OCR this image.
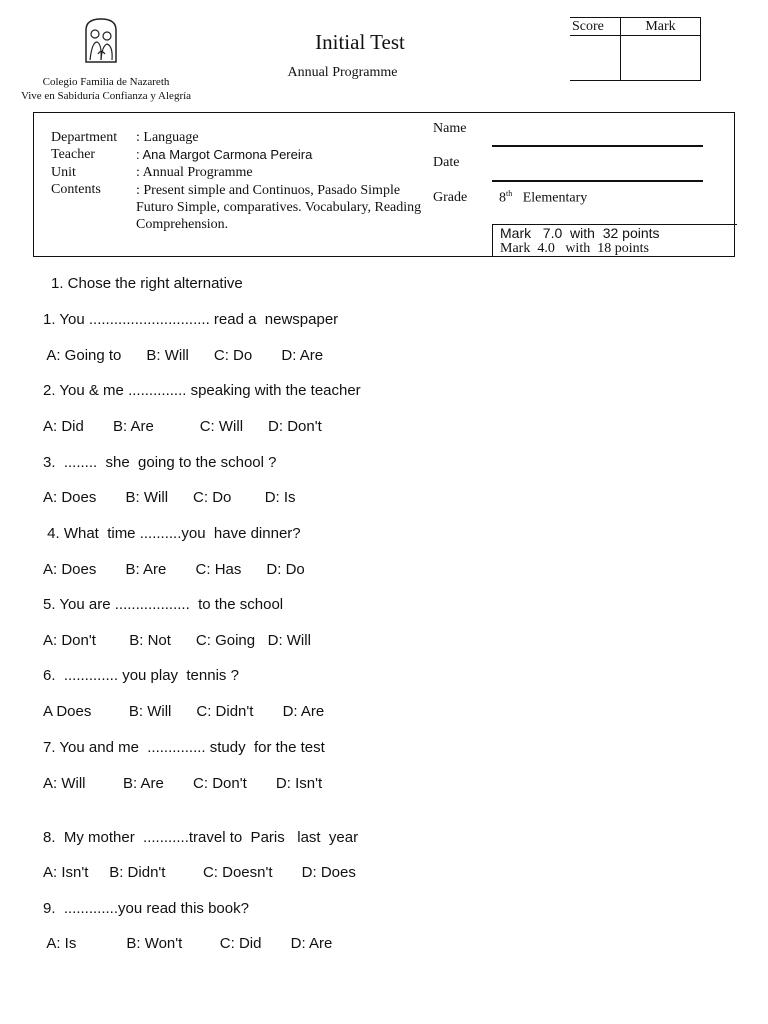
Colegio Familia de Nazareth
Vive en Sabiduría Confianza y Alegría
Initial Test
Annual Programme
Score	Mark
Department	: Language
Teacher	: Ana Margot Carmona Pereira
Unit	: Annual Programme
Contents	: Present simple and Continuos, Pasado Simple Futuro Simple, comparatives. Vocabulary, Reading Comprehension.
Name
Date
Grade 8th Elementary
Mark   7.0  with  32 points
Mark  4.0   with  18 points
1. Chose the right alternative
1. You ............................. read a  newspaper
A: Going to      B: Will      C: Do       D: Are
2. You & me .............. speaking with the teacher
A: Did       B: Are           C: Will      D: Don't
3.  ........  she  going to the school ?
A: Does       B: Will      C: Do        D: Is
4. What  time ..........you  have dinner?
A: Does       B: Are       C: Has      D: Do
5. You are ..................  to the school
A: Don't        B: Not      C: Going   D: Will
6.  ............. you play  tennis ?
A Does         B: Will      C: Didn't       D: Are
7. You and me  .............. study  for the test
A: Will         B: Are       C: Don't       D: Isn't
8.  My mother  ...........travel to  Paris   last  year
A: Isn't     B: Didn't         C: Doesn't       D: Does
9.  .............you read this book?
A: Is            B: Won't         C: Did       D: Are
